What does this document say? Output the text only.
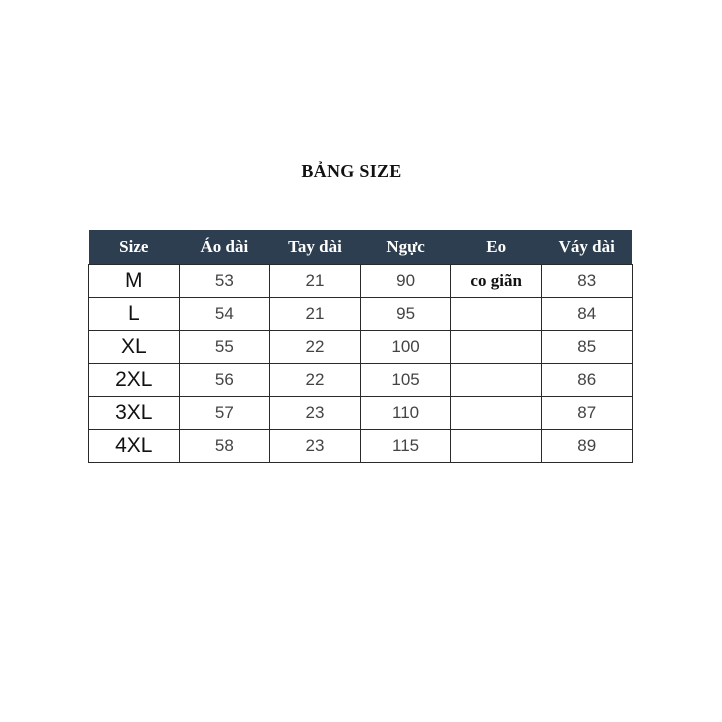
BẢNG SIZE
Size	Áo dài	Tay dài	Ngực	Eo	Váy dài
M	53	21	90	co giãn	83
L	54	21	95		84
XL	55	22	100		85
2XL	56	22	105		86
3XL	57	23	110		87
4XL	58	23	115		89
